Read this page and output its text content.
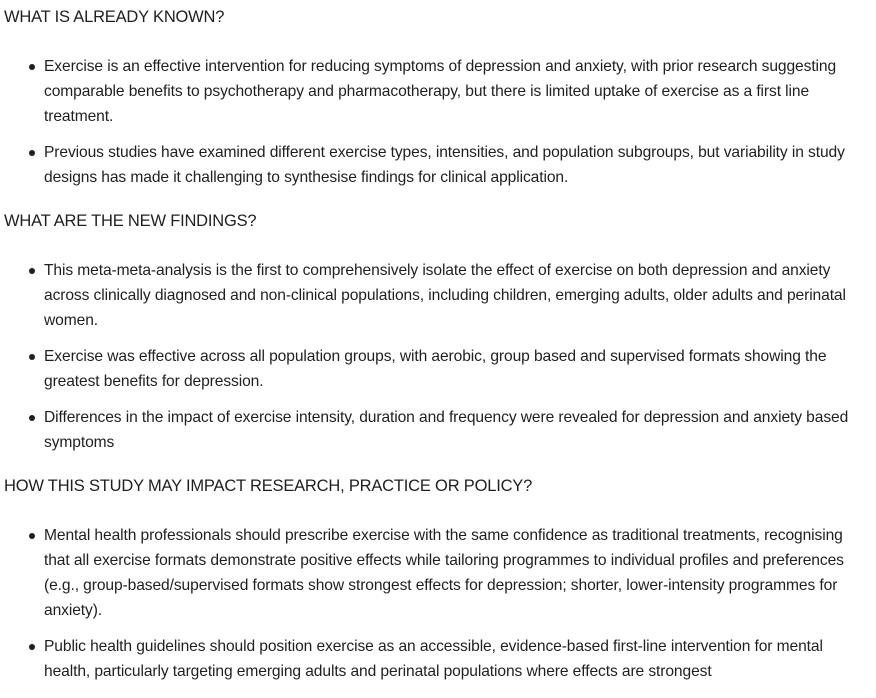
WHAT IS ALREADY KNOWN?
Exercise is an effective intervention for reducing symptoms of depression and anxiety, with prior research suggesting comparable benefits to psychotherapy and pharmacotherapy, but there is limited uptake of exercise as a first line treatment.
Previous studies have examined different exercise types, intensities, and population subgroups, but variability in study designs has made it challenging to synthesise findings for clinical application.
WHAT ARE THE NEW FINDINGS?
This meta-meta-analysis is the first to comprehensively isolate the effect of exercise on both depression and anxiety across clinically diagnosed and non-clinical populations, including children, emerging adults, older adults and perinatal women.
Exercise was effective across all population groups, with aerobic, group based and supervised formats showing the greatest benefits for depression.
Differences in the impact of exercise intensity, duration and frequency were revealed for depression and anxiety based symptoms
HOW THIS STUDY MAY IMPACT RESEARCH, PRACTICE OR POLICY?
Mental health professionals should prescribe exercise with the same confidence as traditional treatments, recognising that all exercise formats demonstrate positive effects while tailoring programmes to individual profiles and preferences (e.g., group-based/supervised formats show strongest effects for depression; shorter, lower-intensity programmes for anxiety).
Public health guidelines should position exercise as an accessible, evidence-based first-line intervention for mental health, particularly targeting emerging adults and perinatal populations where effects are strongest
